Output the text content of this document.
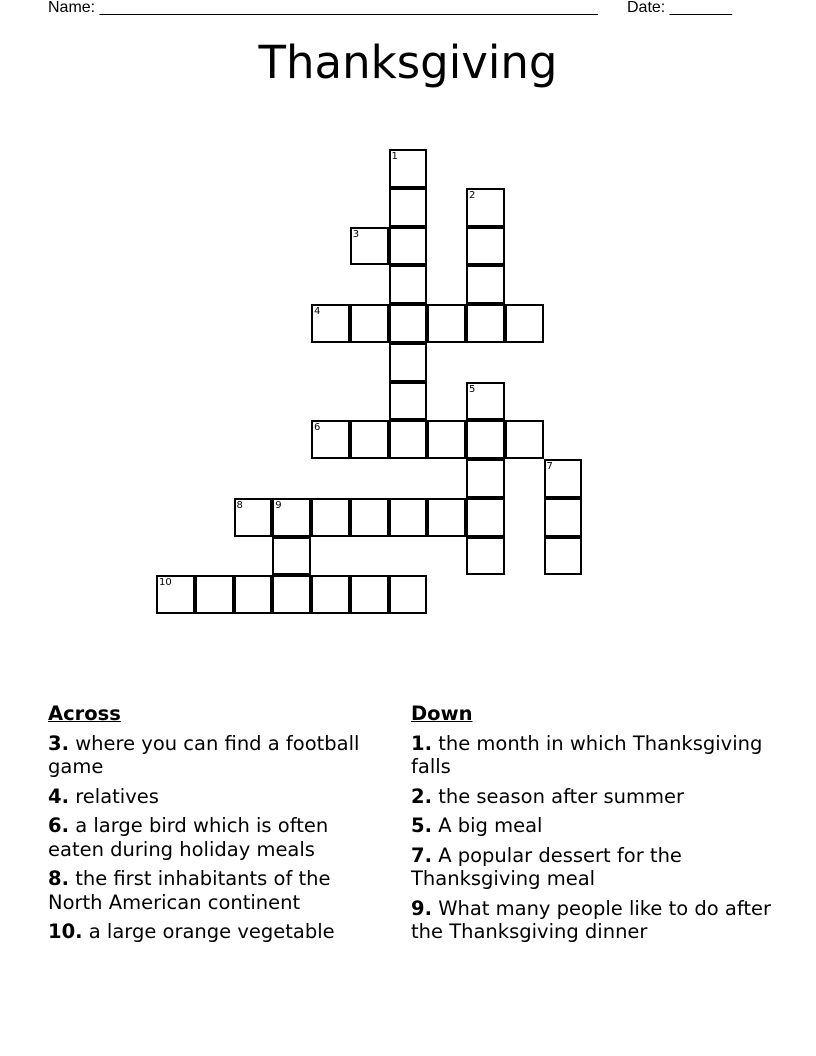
Name: ________________________________________________________ Date: _______
Thanksgiving
1
2
3
4
5
6
7
8	9
10
Across
3. where you can find a football game
4. relatives
6. a large bird which is often eaten during holiday meals
8. the first inhabitants of the North American continent
10. a large orange vegetable
Down
1. the month in which Thanksgiving falls
2. the season after summer
5. A big meal
7. A popular dessert for the Thanksgiving meal
9. What many people like to do after the Thanksgiving dinner
